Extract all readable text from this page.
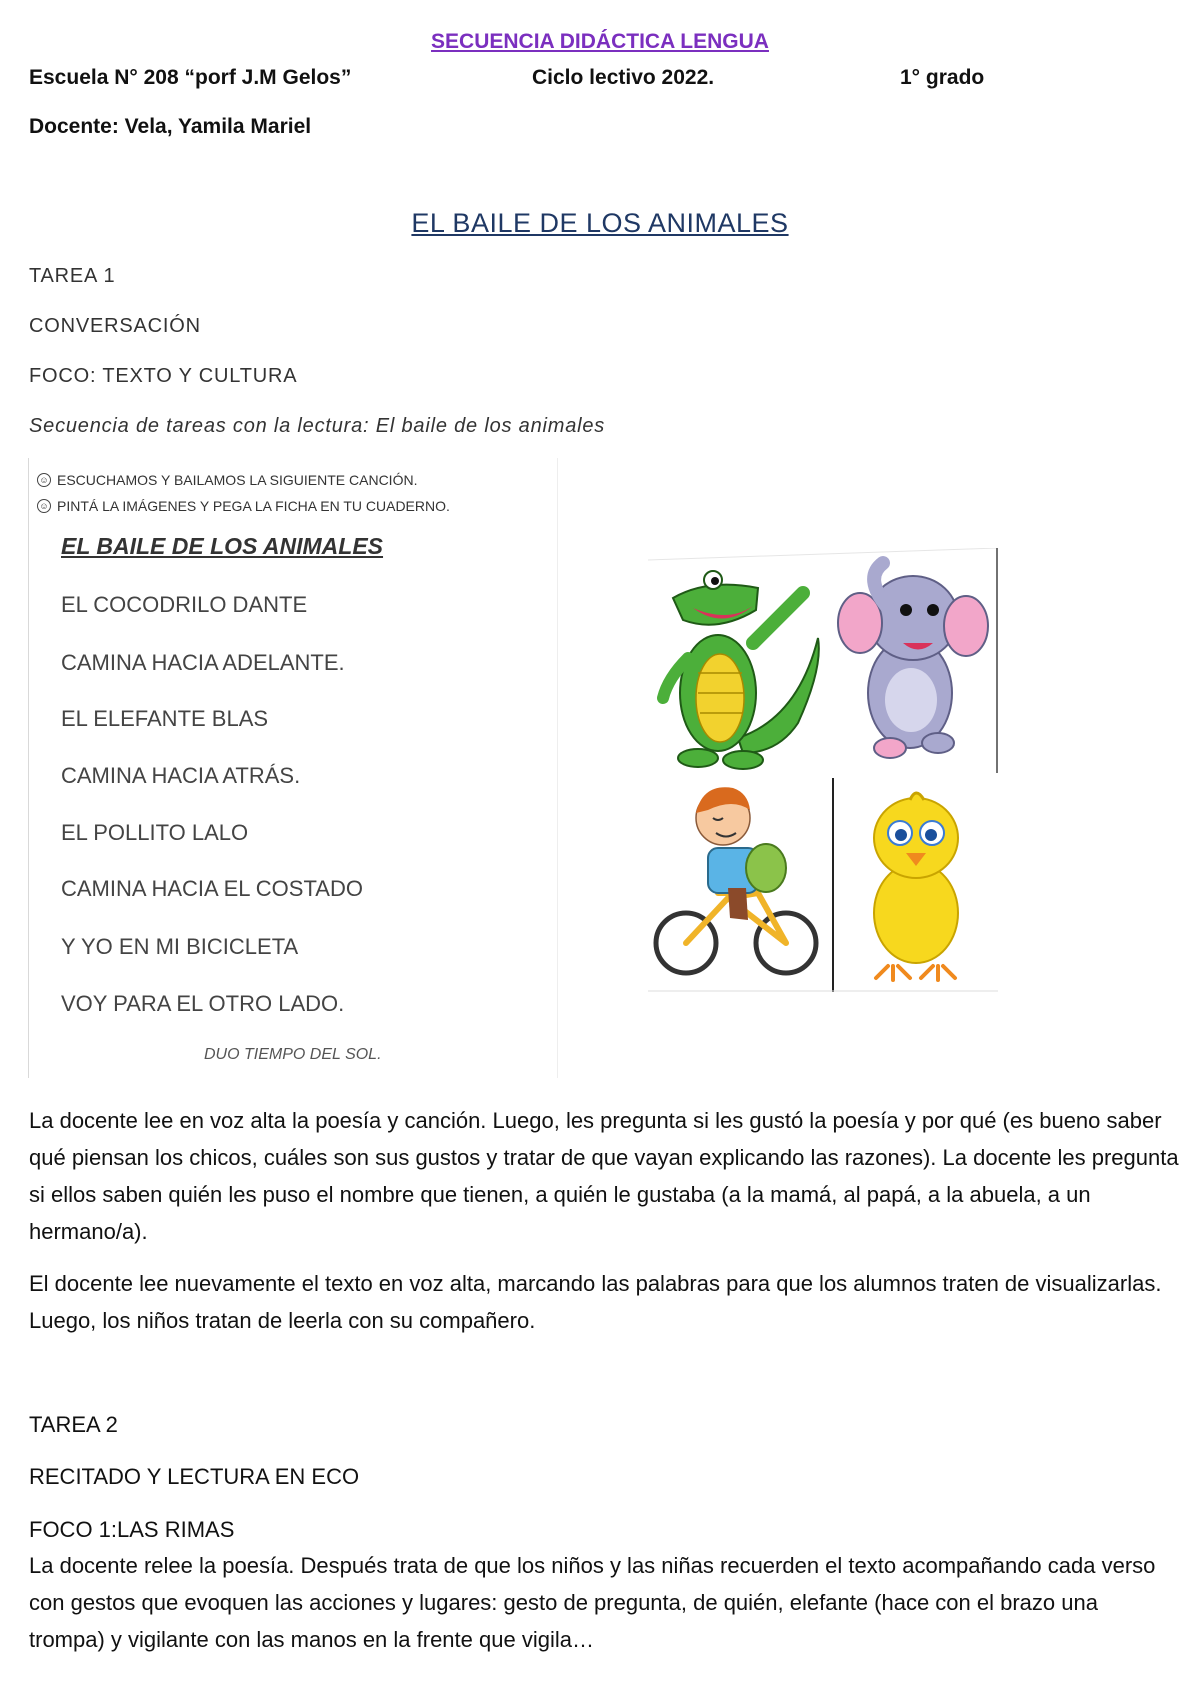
SECUENCIA DIDÁCTICA LENGUA
Escuela N° 208 “porf J.M Gelos”	Ciclo lectivo 2022.	1° grado
Docente: Vela, Yamila Mariel
EL BAILE DE LOS ANIMALES
TAREA 1
CONVERSACIÓN
FOCO: TEXTO Y CULTURA
Secuencia de tareas con la lectura: El baile de los animales
☺ ESCUCHAMOS Y BAILAMOS LA SIGUIENTE CANCIÓN.
☺ PINTÁ LA IMÁGENES Y PEGA LA FICHA EN TU CUADERNO.
EL BAILE DE LOS ANIMALES
EL COCODRILO DANTE
CAMINA HACIA ADELANTE.
EL ELEFANTE BLAS
CAMINA HACIA ATRÁS.
EL POLLITO LALO
CAMINA HACIA EL COSTADO
Y YO EN MI BICICLETA
VOY PARA EL OTRO LADO.
DUO TIEMPO DEL SOL.
La docente lee en voz alta la poesía y canción. Luego, les pregunta si les gustó la poesía y por qué (es bueno saber qué piensan los chicos, cuáles son sus gustos y tratar de que vayan explicando las razones). La docente les pregunta si ellos saben quién les puso el nombre que tienen, a quién le gustaba (a la mamá, al papá, a la abuela, a un hermano/a).
El docente lee nuevamente el texto en voz alta, marcando las palabras para que los alumnos traten de visualizarlas. Luego, los niños tratan de leerla con su compañero.
TAREA 2
RECITADO Y LECTURA EN ECO
FOCO 1:LAS RIMAS
La docente relee la poesía. Después trata de que los niños y las niñas recuerden el texto acompañando cada verso con gestos que evoquen las acciones y lugares: gesto de pregunta, de quién, elefante (hace con el brazo una trompa) y vigilante con las manos en la frente que vigila…
